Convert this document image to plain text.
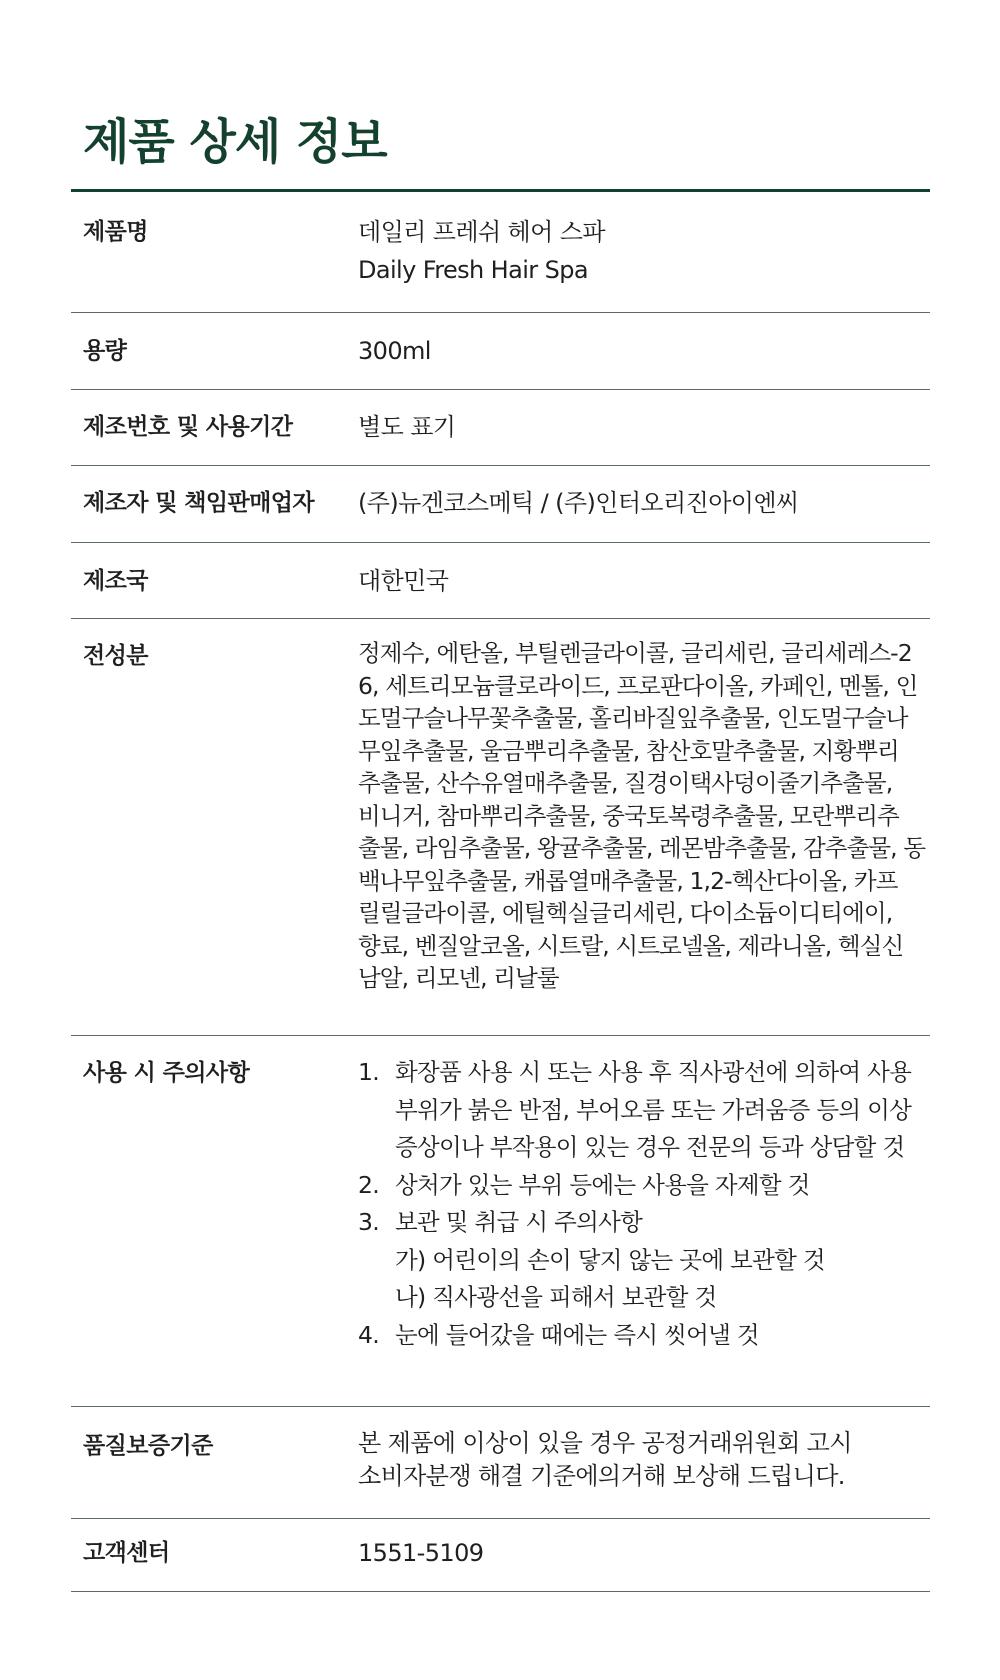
제품 상세 정보
제품명	데일리 프레쉬 헤어 스파
Daily Fresh Hair Spa
용량	300ml
제조번호 및 사용기간	별도 표기
제조자 및 책임판매업자	(주)뉴겐코스메틱 / (주)인터오리진아이엔씨
제조국	대한민국
전성분	정제수, 에탄올, 부틸렌글라이콜, 글리세린, 글리세레스-2
6, 세트리모늄클로라이드, 프로판다이올, 카페인, 멘톨, 인
도멀구슬나무꽃추출물, 홀리바질잎추출물, 인도멀구슬나
무잎추출물, 울금뿌리추출물, 참산호말추출물, 지황뿌리
추출물, 산수유열매추출물, 질경이택사덩이줄기추출물,
비니거, 참마뿌리추출물, 중국토복령추출물, 모란뿌리추
출물, 라임추출물, 왕귤추출물, 레몬밤추출물, 감추출물, 동
백나무잎추출물, 캐롭열매추출물, 1,2-헥산다이올, 카프
릴릴글라이콜, 에틸헥실글리세린, 다이소듐이디티에이,
향료, 벤질알코올, 시트랄, 시트로넬올, 제라니올, 헥실신
남알, 리모넨, 리날룰
사용 시 주의사항	1. 화장품 사용 시 또는 사용 후 직사광선에 의하여 사용
부위가 붉은 반점, 부어오름 또는 가려움증 등의 이상
증상이나 부작용이 있는 경우 전문의 등과 상담할 것
2. 상처가 있는 부위 등에는 사용을 자제할 것
3. 보관 및 취급 시 주의사항
가) 어린이의 손이 닿지 않는 곳에 보관할 것
나) 직사광선을 피해서 보관할 것
4. 눈에 들어갔을 때에는 즉시 씻어낼 것
품질보증기준	본 제품에 이상이 있을 경우 공정거래위원회 고시
소비자분쟁 해결 기준에의거해 보상해 드립니다.
고객센터	1551-5109
